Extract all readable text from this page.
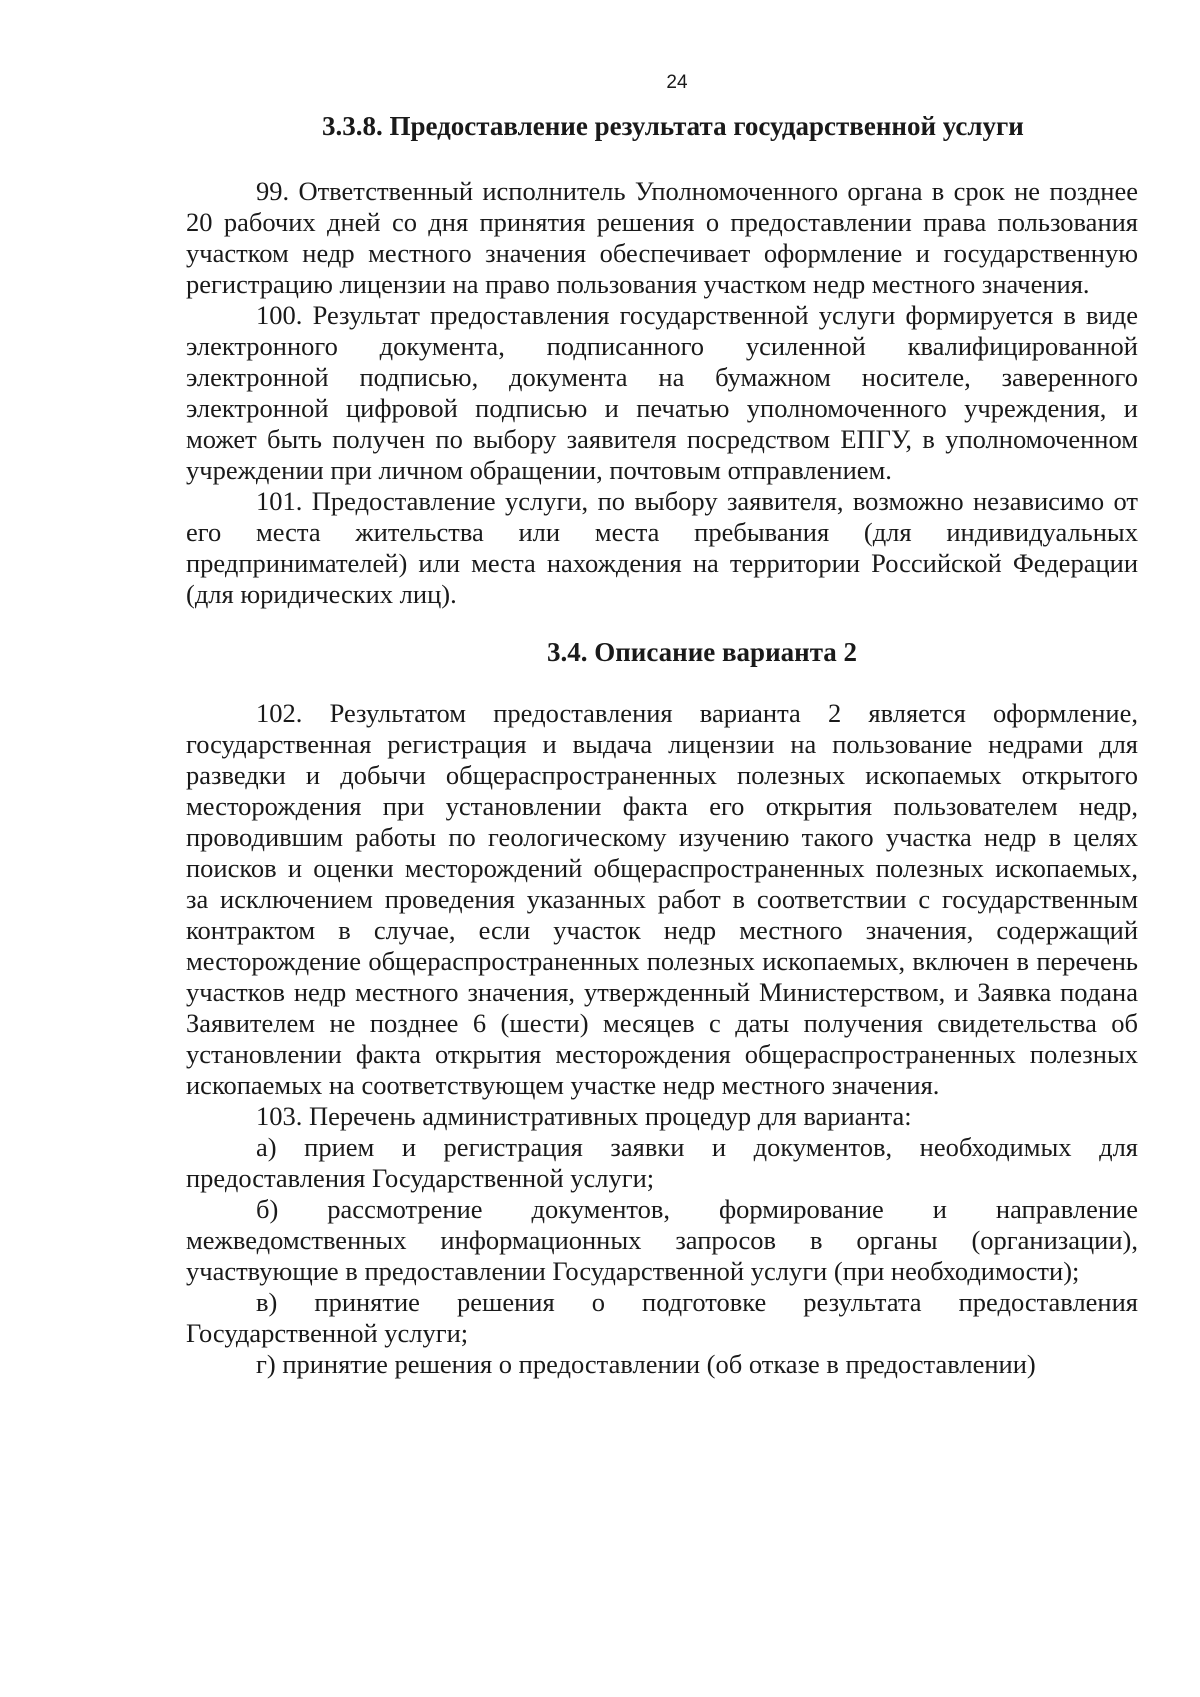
24
3.3.8. Предоставление результата государственной услуги

99. Ответственный исполнитель Уполномоченного органа в срок не позднее 20 рабочих дней со дня принятия решения о предоставлении права пользования участком недр местного значения обеспечивает оформление и государственную регистрацию лицензии на право пользования участком недр местного значения.

100. Результат предоставления государственной услуги формируется в виде электронного документа, подписанного усиленной квалифицированной электронной подписью, документа на бумажном носителе, заверенного электронной цифровой подписью и печатью уполномоченного учреждения, и может быть получен по выбору заявителя посредством ЕПГУ, в уполномоченном учреждении при личном обращении, почтовым отправлением.

101. Предоставление услуги, по выбору заявителя, возможно независимо от его места жительства или места пребывания (для индивидуальных предпринимателей) или места нахождения на территории Российской Федерации (для юридических лиц).

3.4. Описание варианта 2

102. Результатом предоставления варианта 2 является оформление, государственная регистрация и выдача лицензии на пользование недрами для разведки и добычи общераспространенных полезных ископаемых открытого месторождения при установлении факта его открытия пользователем недр, проводившим работы по геологическому изучению такого участка недр в целях поисков и оценки месторождений общераспространенных полезных ископаемых, за исключением проведения указанных работ в соответствии с государственным контрактом в случае, если участок недр местного значения, содержащий месторождение общераспространенных полезных ископаемых, включен в перечень участков недр местного значения, утвержденный Министерством, и Заявка подана Заявителем не позднее 6 (шести) месяцев с даты получения свидетельства об установлении факта открытия месторождения общераспространенных полезных ископаемых на соответствующем участке недр местного значения.

103. Перечень административных процедур для варианта:

а) прием и регистрация заявки и документов, необходимых для предоставления Государственной услуги;

б) рассмотрение документов, формирование и направление межведомственных информационных запросов в органы (организации), участвующие в предоставлении Государственной услуги (при необходимости);

в) принятие решения о подготовке результата предоставления Государственной услуги;

г) принятие решения о предоставлении (об отказе в предоставлении)
